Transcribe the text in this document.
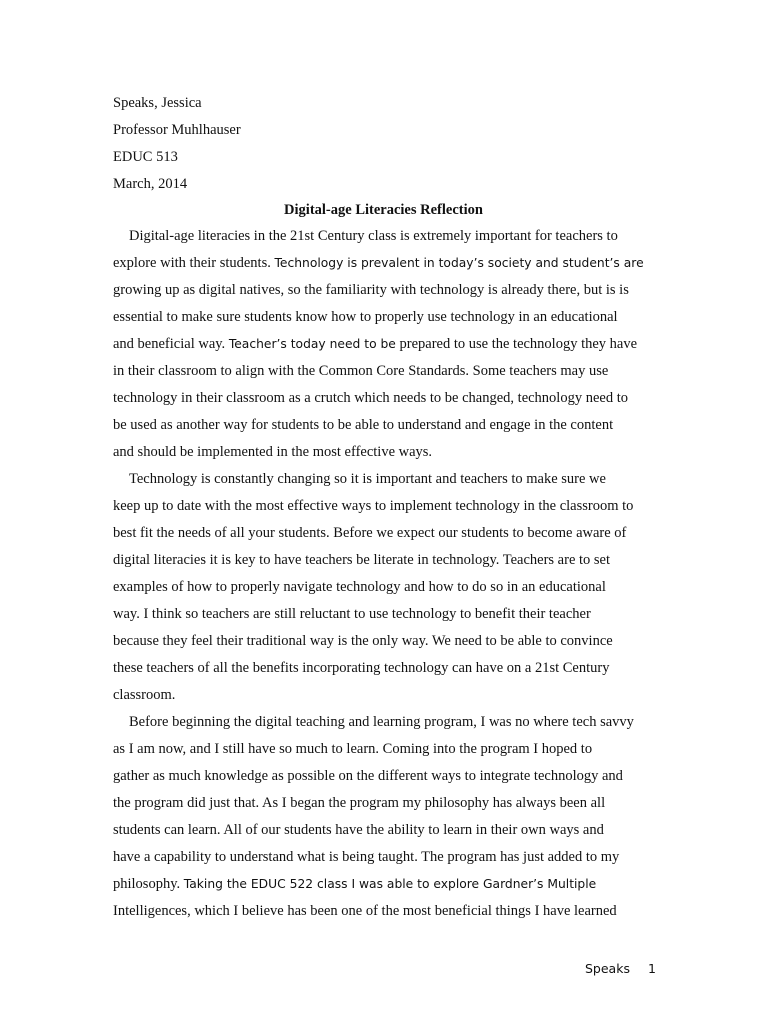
Speaks, Jessica
Professor Muhlhauser
EDUC 513
March, 2014
Digital-age Literacies Reflection
Digital-age literacies in the 21st Century class is extremely important for teachers to
explore with their students. Technology is prevalent in today’s society and student’s are
growing up as digital natives, so the familiarity with technology is already there, but is is
essential to make sure students know how to properly use technology in an educational
and beneficial way. Teacher’s today need to be prepared to use the technology they have
in their classroom to align with the Common Core Standards. Some teachers may use
technology in their classroom as a crutch which needs to be changed, technology need to
be used as another way for students to be able to understand and engage in the content
and should be implemented in the most effective ways.
Technology is constantly changing so it is important and teachers to make sure we
keep up to date with the most effective ways to implement technology in the classroom to
best fit the needs of all your students. Before we expect our students to become aware of
digital literacies it is key to have teachers be literate in technology. Teachers are to set
examples of how to properly navigate technology and how to do so in an educational
way. I think so teachers are still reluctant to use technology to benefit their teacher
because they feel their traditional way is the only way. We need to be able to convince
these teachers of all the benefits incorporating technology can have on a 21st Century
classroom.
Before beginning the digital teaching and learning program, I was no where tech savvy
as I am now, and I still have so much to learn. Coming into the program I hoped to
gather as much knowledge as possible on the different ways to integrate technology and
the program did just that. As I began the program my philosophy has always been all
students can learn. All of our students have the ability to learn in their own ways and
have a capability to understand what is being taught. The program has just added to my
philosophy. Taking the EDUC 522 class I was able to explore Gardner’s Multiple
Intelligences, which I believe has been one of the most beneficial things I have learned
Speaks 1
